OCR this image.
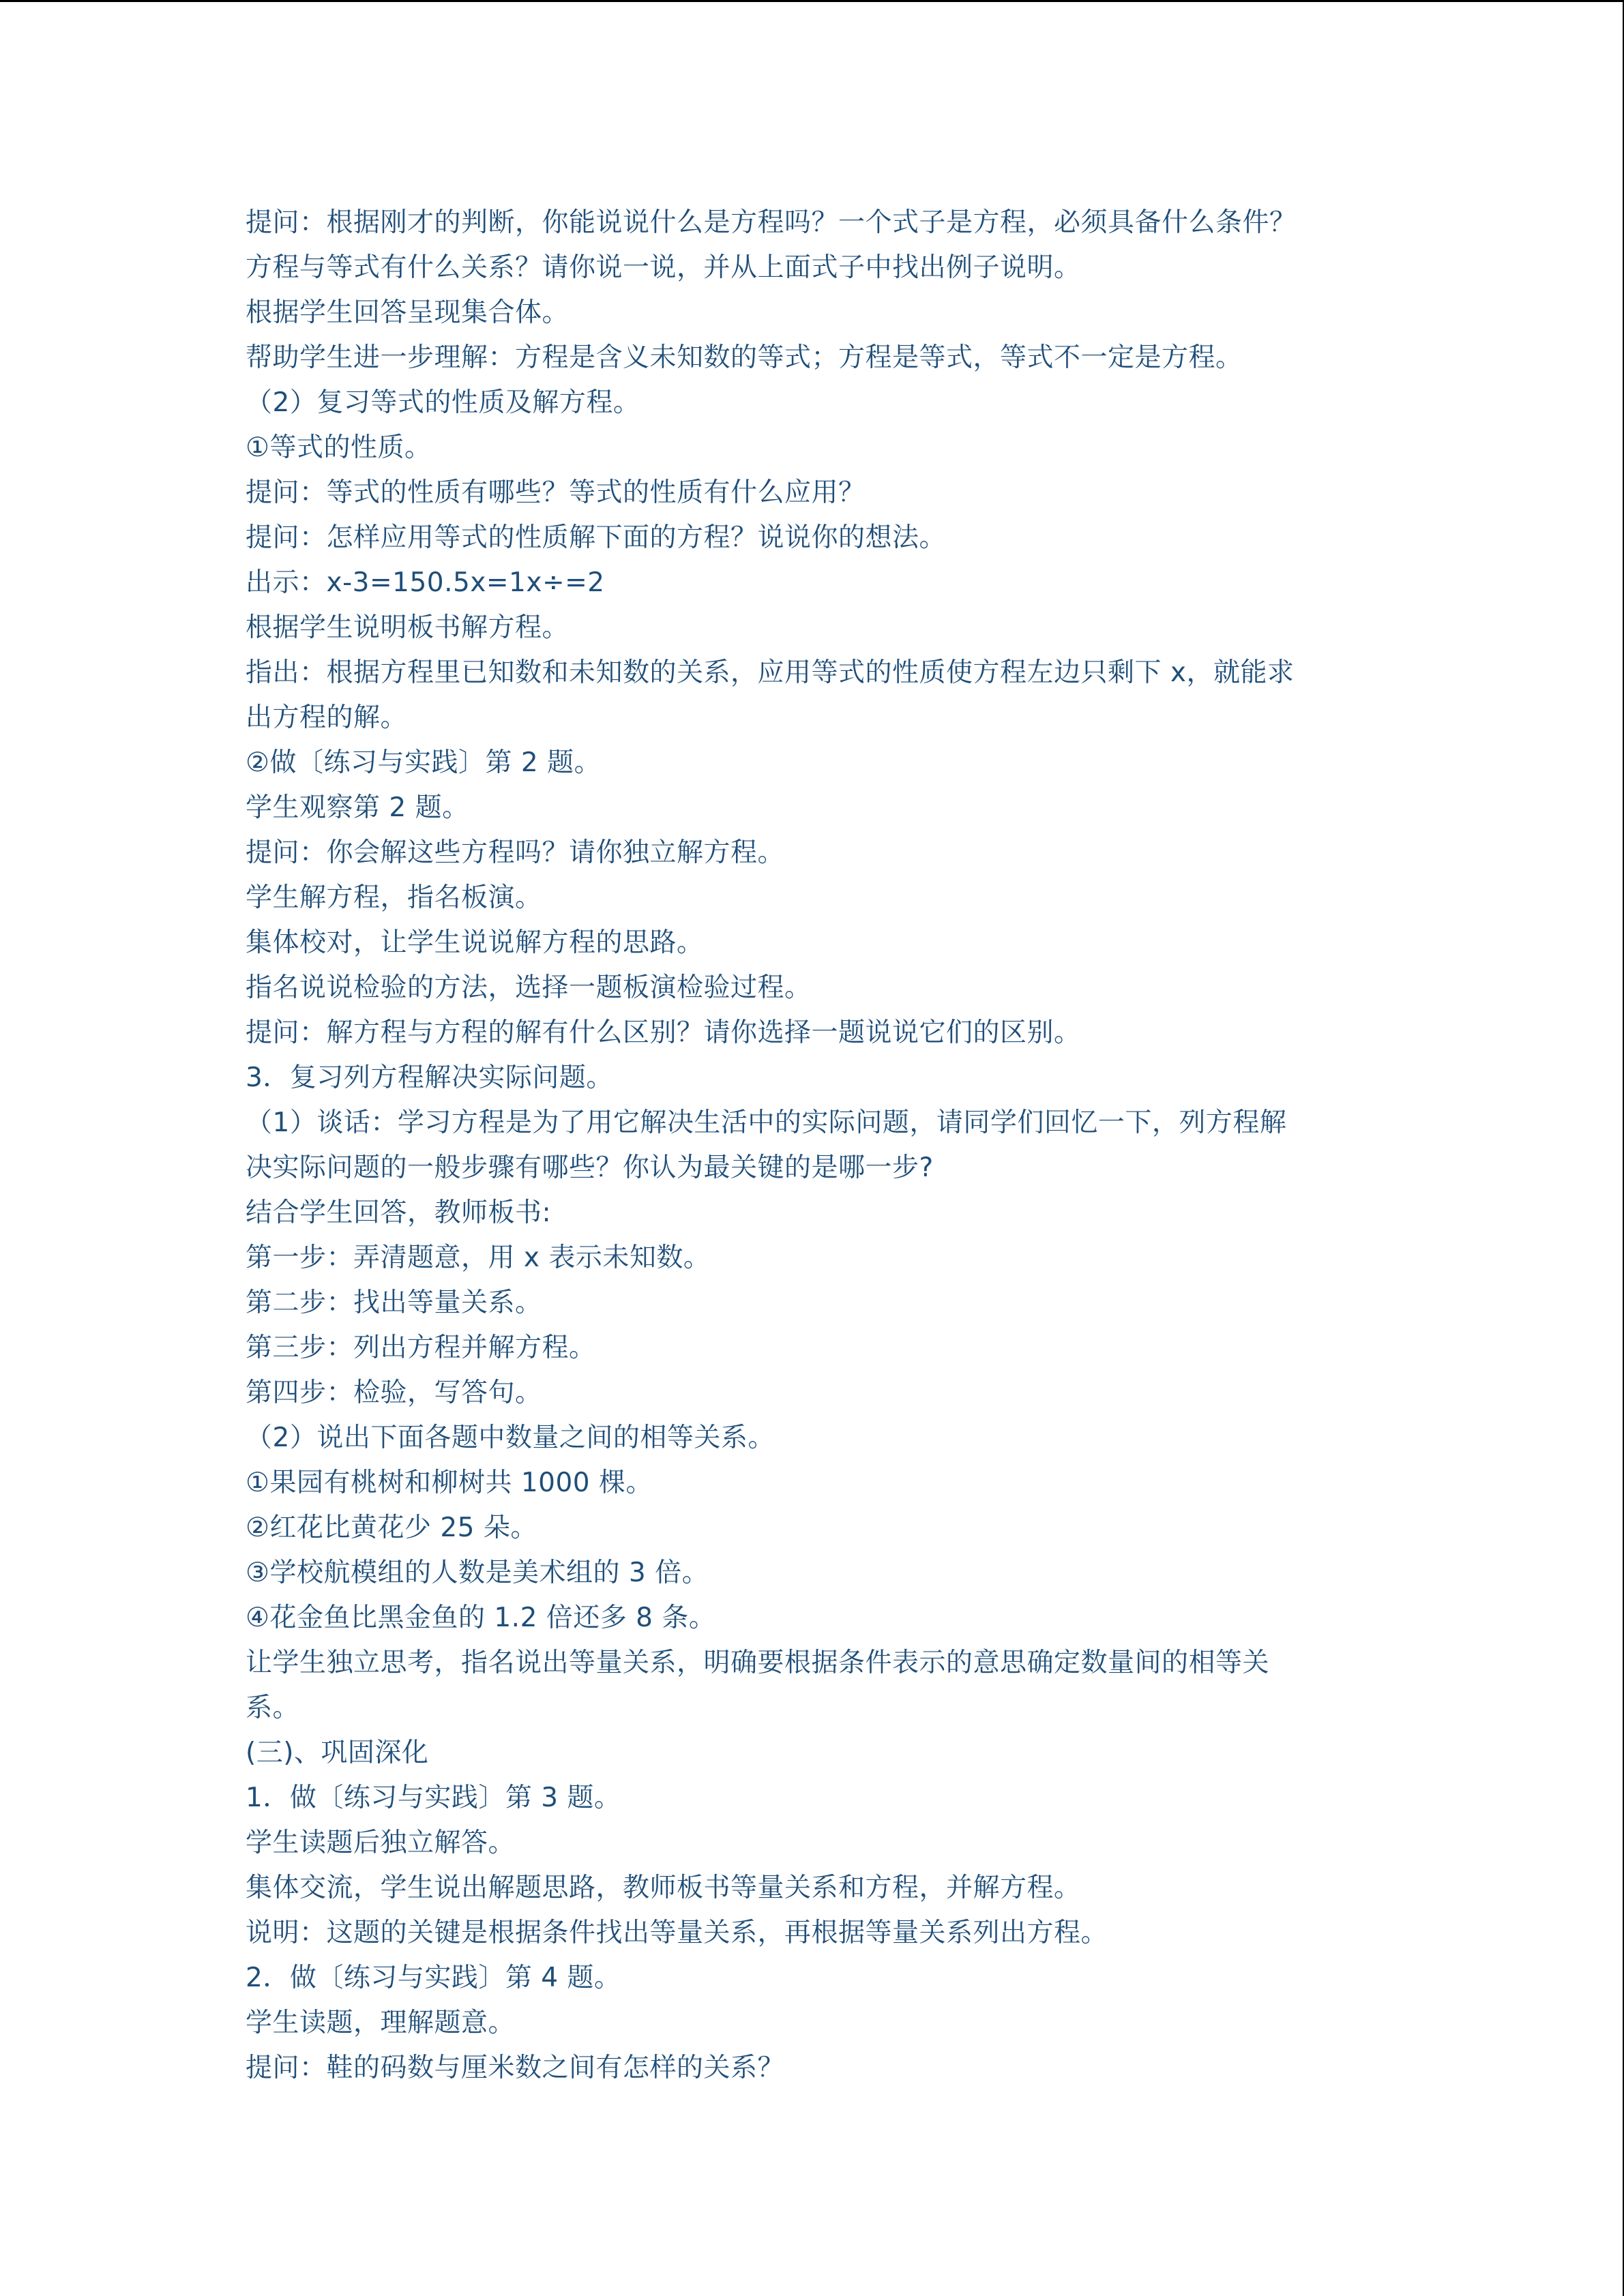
提问：根据刚才的判断，你能说说什么是方程吗？一个式子是方程，必须具备什么条件？
方程与等式有什么关系？请你说一说，并从上面式子中找出例子说明。
根据学生回答呈现集合体。
帮助学生进一步理解：方程是含义未知数的等式；方程是等式，等式不一定是方程。
（2）复习等式的性质及解方程。
①等式的性质。
提问：等式的性质有哪些？等式的性质有什么应用？
提问：怎样应用等式的性质解下面的方程？说说你的想法。
出示：x-3=150.5x=1x÷=2
根据学生说明板书解方程。
指出：根据方程里已知数和未知数的关系，应用等式的性质使方程左边只剩下 x，就能求
出方程的解。
②做〔练习与实践〕第 2 题。
学生观察第 2 题。
提问：你会解这些方程吗？请你独立解方程。
学生解方程，指名板演。
集体校对，让学生说说解方程的思路。
指名说说检验的方法，选择一题板演检验过程。
提问：解方程与方程的解有什么区别？请你选择一题说说它们的区别。
3．复习列方程解决实际问题。
（1）谈话：学习方程是为了用它解决生活中的实际问题，请同学们回忆一下，列方程解
决实际问题的一般步骤有哪些？你认为最关键的是哪一步?
结合学生回答，教师板书:
第一步：弄清题意，用 x 表示未知数。
第二步：找出等量关系。
第三步：列出方程并解方程。
第四步：检验，写答句。
（2）说出下面各题中数量之间的相等关系。
①果园有桃树和柳树共 1000 棵。
②红花比黄花少 25 朵。
③学校航模组的人数是美术组的 3 倍。
④花金鱼比黑金鱼的 1.2 倍还多 8 条。
让学生独立思考，指名说出等量关系，明确要根据条件表示的意思确定数量间的相等关
系。
(三)、巩固深化
1．做〔练习与实践〕第 3 题。
学生读题后独立解答。
集体交流，学生说出解题思路，教师板书等量关系和方程，并解方程。
说明：这题的关键是根据条件找出等量关系，再根据等量关系列出方程。
2．做〔练习与实践〕第 4 题。
学生读题，理解题意。
提问：鞋的码数与厘米数之间有怎样的关系？
